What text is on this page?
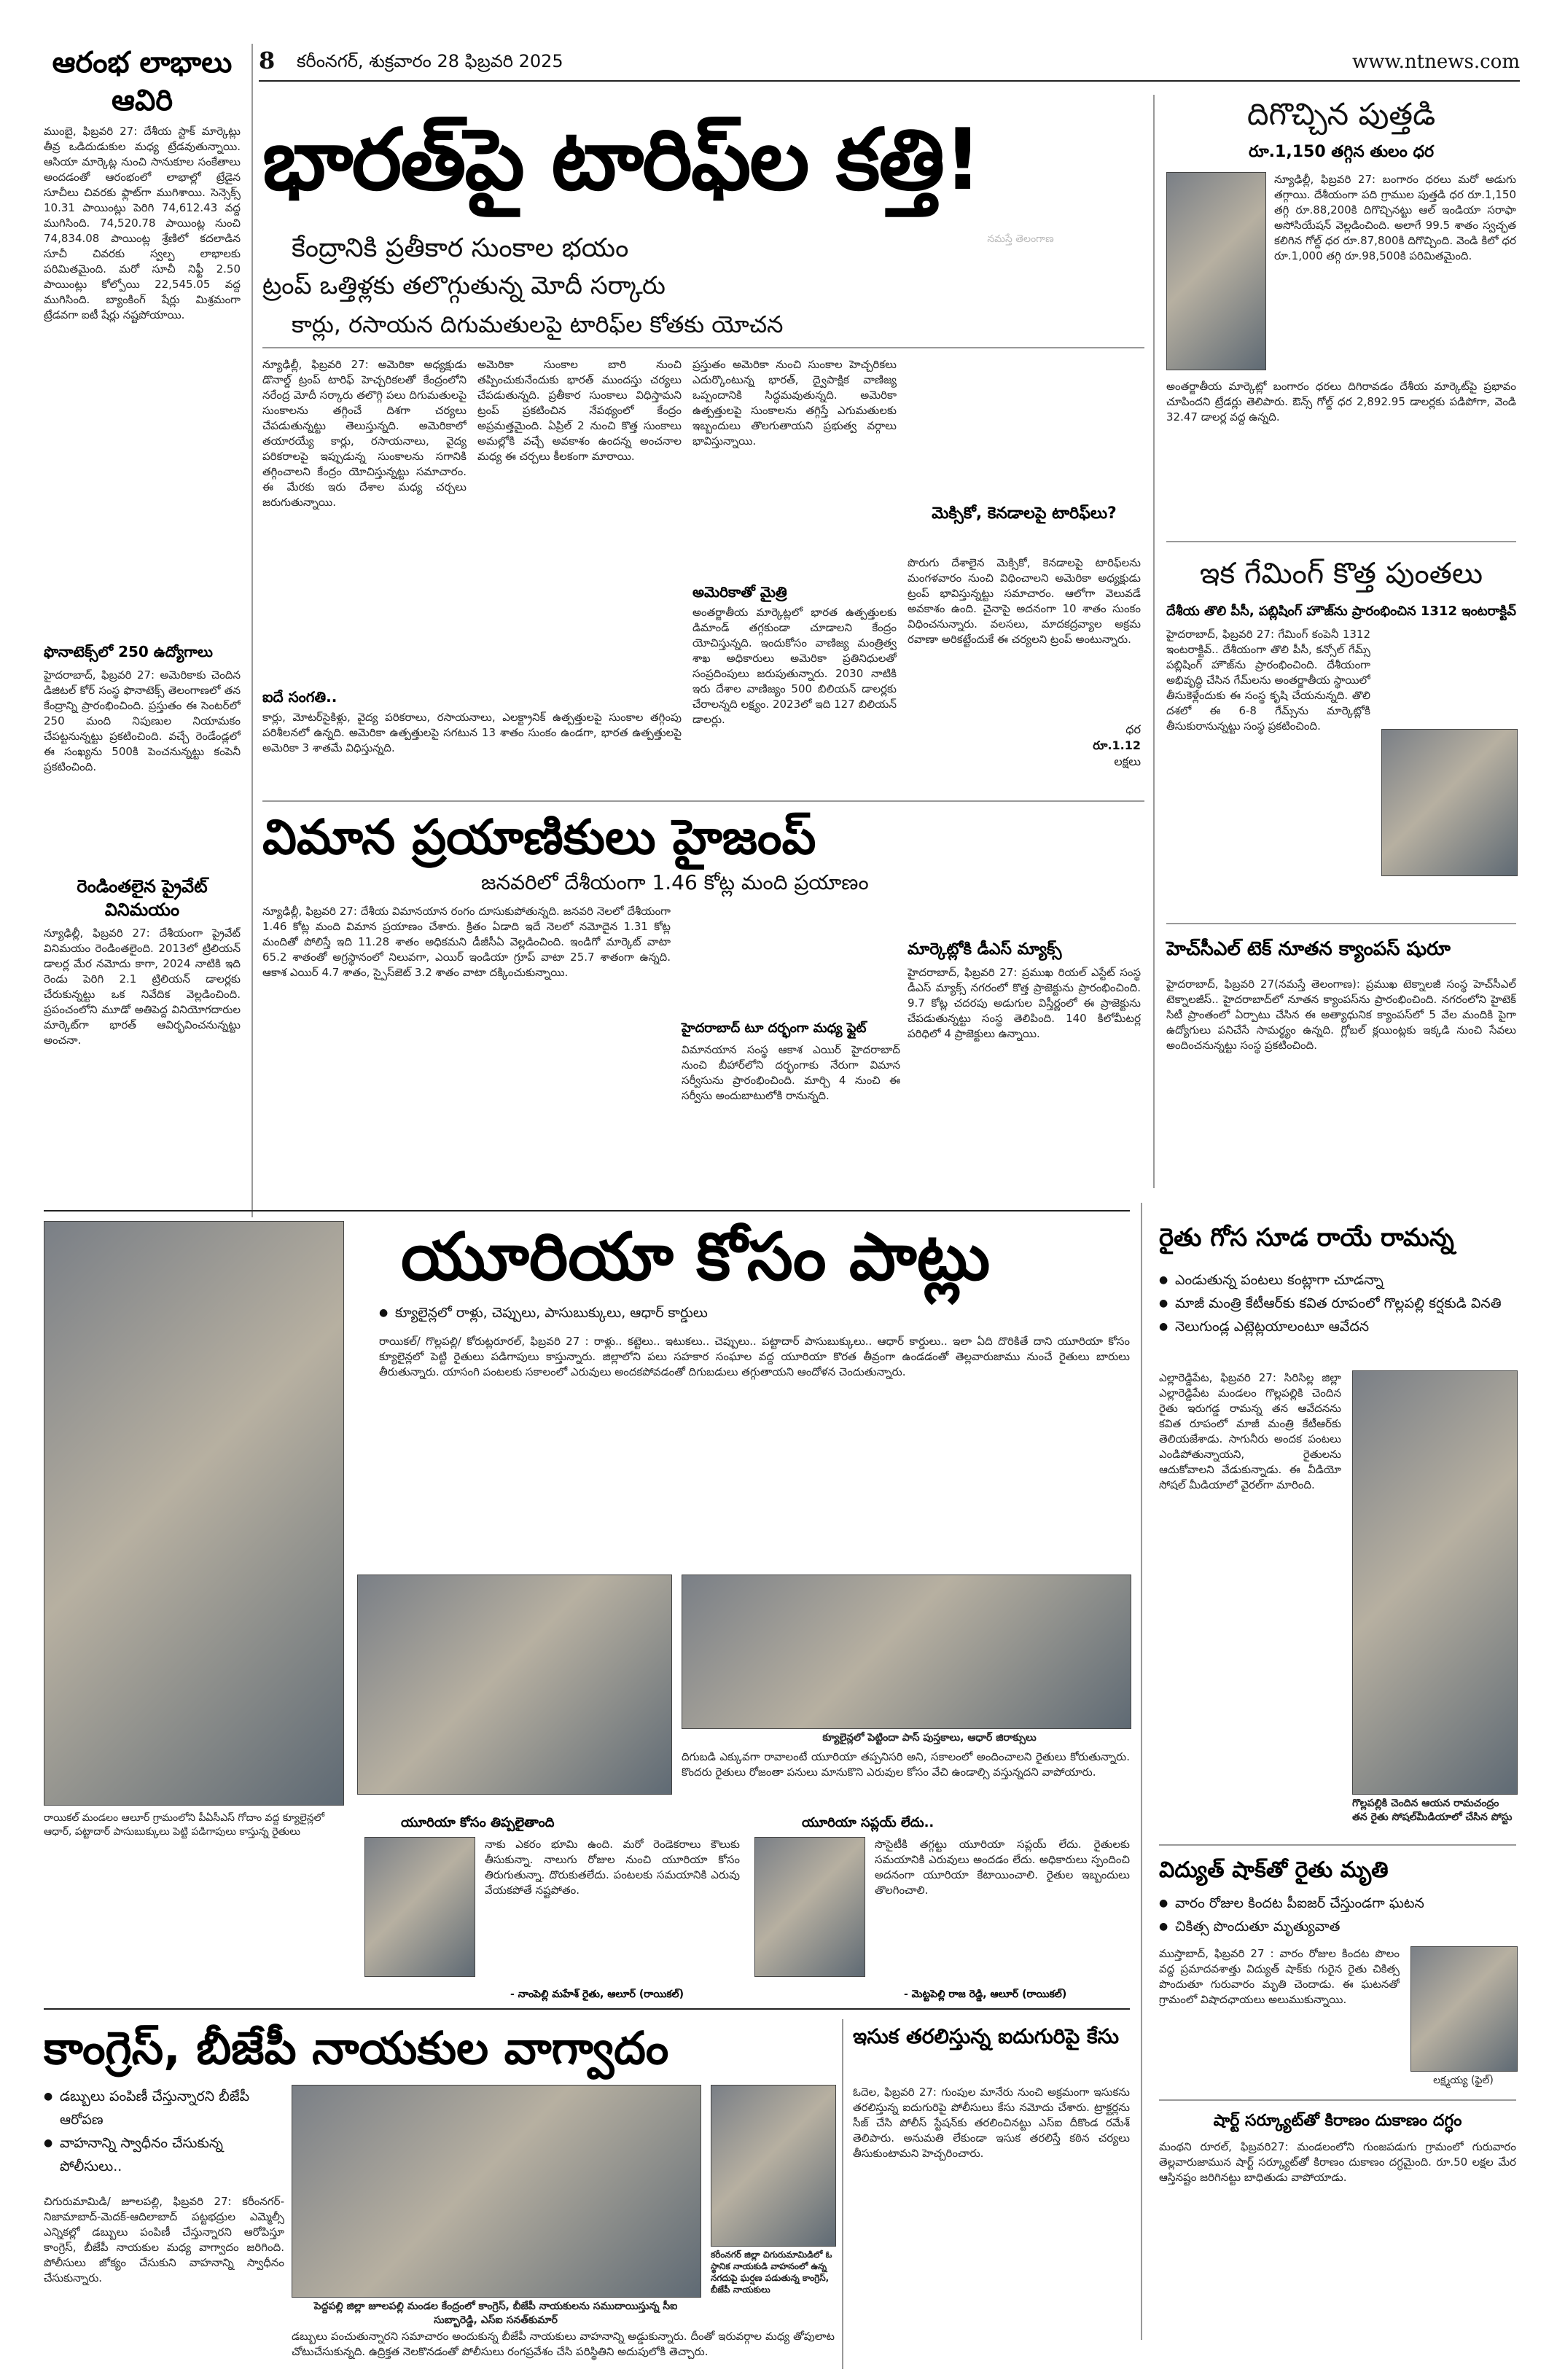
8 కరీంనగర్, శుక్రవారం 28 ఫిబ్రవరి 2025	www.ntnews.com
ఆరంభ లాభాలు ఆవిరి
ముంబై, ఫిబ్రవరి 27: దేశీయ స్టాక్ మార్కెట్లు తీవ్ర ఒడిదుడుకుల మధ్య ట్రేడవుతున్నాయి. ఆసియా మార్కెట్ల నుంచి సానుకూల సంకేతాలు అందడంతో ఆరంభంలో లాభాల్లో ట్రేడైన సూచీలు చివరకు ఫ్లాట్‌గా ముగిశాయి. సెన్సెక్స్ 10.31 పాయింట్లు పెరిగి 74,612.43 వద్ద ముగిసింది. 74,520.78 పాయింట్ల నుంచి 74,834.08 పాయింట్ల శ్రేణిలో కదలాడిన సూచీ చివరకు స్వల్ప లాభాలకు పరిమితమైంది. మరో సూచీ నిఫ్టీ 2.50 పాయింట్లు కోల్పోయి 22,545.05 వద్ద ముగిసింది. బ్యాంకింగ్ షేర్లు మిశ్రమంగా ట్రేడవగా ఐటీ షేర్లు నష్టపోయాయి.
ఫొనాటెక్స్‌లో 250 ఉద్యోగాలు
హైదరాబాద్, ఫిబ్రవరి 27: అమెరికాకు చెందిన డిజిటల్ కోర్ సంస్థ ఫొనాటెక్స్ తెలంగాణలో తన కేంద్రాన్ని ప్రారంభించింది. ప్రస్తుతం ఈ సెంటర్‌లో 250 మంది నిపుణుల నియామకం చేపట్టనున్నట్టు ప్రకటించింది. వచ్చే రెండేండ్లలో ఈ సంఖ్యను 500కి పెంచనున్నట్టు కంపెనీ ప్రకటించింది.
రెండింతలైన ప్రైవేట్ వినిమయం
న్యూఢిల్లీ, ఫిబ్రవరి 27: దేశీయంగా ప్రైవేట్ వినిమయం రెండింతలైంది. 2013లో ట్రిలియన్ డాలర్ల మేర నమోదు కాగా, 2024 నాటికి ఇది రెండు పెరిగి 2.1 ట్రిలియన్ డాలర్లకు చేరుకున్నట్టు ఒక నివేదిక వెల్లడించింది. ప్రపంచంలోని మూడో అతిపెద్ద వినియోగదారుల మార్కెట్‌గా భారత్ ఆవిర్భవించనున్నట్టు అంచనా.
భారత్‌పై టారిఫ్‌ల కత్తి!
నమస్తే తెలంగాణ
కేంద్రానికి ప్రతీకార సుంకాల భయం
ట్రంప్ ఒత్తిళ్లకు తలొగ్గుతున్న మోదీ సర్కారు
కార్లు, రసాయన దిగుమతులపై టారిఫ్‌ల కోతకు యోచన
న్యూఢిల్లీ, ఫిబ్రవరి 27: అమెరికా అధ్యక్షుడు డొనాల్డ్ ట్రంప్ టారిఫ్ హెచ్చరికలతో కేంద్రంలోని నరేంద్ర మోదీ సర్కారు తలొగ్గి పలు దిగుమతులపై సుంకాలను తగ్గించే దిశగా చర్యలు చేపడుతున్నట్టు తెలుస్తున్నది. అమెరికాలో తయారయ్యే కార్లు, రసాయనాలు, వైద్య పరికరాలపై ఇప్పుడున్న సుంకాలను సగానికి తగ్గించాలని కేంద్రం యోచిస్తున్నట్టు సమాచారం. ఈ మేరకు ఇరు దేశాల మధ్య చర్చలు జరుగుతున్నాయి.
అమెరికా సుంకాల బారి నుంచి తప్పించుకునేందుకు భారత్ ముందస్తు చర్యలు చేపడుతున్నది. ప్రతీకార సుంకాలు విధిస్తామని ట్రంప్ ప్రకటించిన నేపథ్యంలో కేంద్రం అప్రమత్తమైంది. ఏప్రిల్ 2 నుంచి కొత్త సుంకాలు అమల్లోకి వచ్చే అవకాశం ఉందన్న అంచనాల మధ్య ఈ చర్చలు కీలకంగా మారాయి.
ప్రస్తుతం అమెరికా నుంచి సుంకాల హెచ్చరికలు ఎదుర్కొంటున్న భారత్, ద్వైపాక్షిక వాణిజ్య ఒప్పందానికి సిద్ధమవుతున్నది. అమెరికా ఉత్పత్తులపై సుంకాలను తగ్గిస్తే ఎగుమతులకు ఇబ్బందులు తొలగుతాయని ప్రభుత్వ వర్గాలు భావిస్తున్నాయి.
అమెరికాతో మైత్రి
అంతర్జాతీయ మార్కెట్లలో భారత ఉత్పత్తులకు డిమాండ్ తగ్గకుండా చూడాలని కేంద్రం యోచిస్తున్నది. ఇందుకోసం వాణిజ్య మంత్రిత్వ శాఖ అధికారులు అమెరికా ప్రతినిధులతో సంప్రదింపులు జరుపుతున్నారు. 2030 నాటికి ఇరు దేశాల వాణిజ్యం 500 బిలియన్ డాలర్లకు చేరాలన్నది లక్ష్యం. 2023లో ఇది 127 బిలియన్ డాలర్లు.
ఐదే సంగతి..
కార్లు, మోటర్‌సైకిళ్లు, వైద్య పరికరాలు, రసాయనాలు, ఎలక్ట్రానిక్ ఉత్పత్తులపై సుంకాల తగ్గింపు పరిశీలనలో ఉన్నది. అమెరికా ఉత్పత్తులపై సగటున 13 శాతం సుంకం ఉండగా, భారత ఉత్పత్తులపై అమెరికా 3 శాతమే విధిస్తున్నది.
మెక్సికో, కెనడాలపై టారిఫ్‌లు?
పొరుగు దేశాలైన మెక్సికో, కెనడాలపై టారిఫ్‌లను మంగళవారం నుంచి విధించాలని అమెరికా అధ్యక్షుడు ట్రంప్ భావిస్తున్నట్టు సమాచారం. ఆలోగా వెలువడే అవకాశం ఉంది. చైనాపై అదనంగా 10 శాతం సుంకం విధించనున్నారు. వలసలు, మాదకద్రవ్యాల అక్రమ రవాణా అరికట్టేందుకే ఈ చర్యలని ట్రంప్ అంటున్నారు.
ధర
రూ.1.12
లక్షలు
దిగొచ్చిన పుత్తడి
రూ.1,150 తగ్గిన తులం ధర
న్యూఢిల్లీ, ఫిబ్రవరి 27: బంగారం ధరలు మరో అడుగు తగ్గాయి. దేశీయంగా పది గ్రాముల పుత్తడి ధర రూ.1,150 తగ్గి రూ.88,200కి దిగొచ్చినట్టు ఆల్ ఇండియా సరాఫా అసోసియేషన్ వెల్లడించింది. అలాగే 99.5 శాతం స్వచ్ఛత కలిగిన గోల్డ్ ధర రూ.87,800కి దిగొచ్చింది. వెండి కిలో ధర రూ.1,000 తగ్గి రూ.98,500కి పరిమితమైంది.
అంతర్జాతీయ మార్కెట్లో బంగారం ధరలు దిగిరావడం దేశీయ మార్కెట్‌పై ప్రభావం చూపిందని ట్రేడర్లు తెలిపారు. ఔన్స్ గోల్డ్ ధర 2,892.95 డాలర్లకు పడిపోగా, వెండి 32.47 డాలర్ల వద్ద ఉన్నది.
ఇక గేమింగ్ కొత్త పుంతలు
దేశీయ తొలి పీసీ, పబ్లిషింగ్ హౌజ్‌ను ప్రారంభించిన 1312 ఇంటరాక్టివ్
హైదరాబాద్, ఫిబ్రవరి 27: గేమింగ్ కంపెనీ 1312 ఇంటరాక్టివ్.. దేశీయంగా తొలి పీసీ, కన్సోల్ గేమ్స్ పబ్లిషింగ్ హౌజ్‌ను ప్రారంభించింది. దేశీయంగా అభివృద్ధి చేసిన గేమ్‌లను అంతర్జాతీయ స్థాయిలో తీసుకెళ్లేందుకు ఈ సంస్థ కృషి చేయనున్నది. తొలి దశలో ఈ 6-8 గేమ్స్‌ను మార్కెట్లోకి తీసుకురానున్నట్టు సంస్థ ప్రకటించింది.
హెచ్‌సీఎల్ టెక్ నూతన క్యాంపస్ షురూ
హైదరాబాద్, ఫిబ్రవరి 27(నమస్తే తెలంగాణ): ప్రముఖ టెక్నాలజీ సంస్థ హెచ్‌సీఎల్ టెక్నాలజీస్.. హైదరాబాద్‌లో నూతన క్యాంపస్‌ను ప్రారంభించింది. నగరంలోని హైటెక్ సిటీ ప్రాంతంలో ఏర్పాటు చేసిన ఈ అత్యాధునిక క్యాంపస్‌లో 5 వేల మందికి పైగా ఉద్యోగులు పనిచేసే సామర్థ్యం ఉన్నది. గ్లోబల్ క్లయింట్లకు ఇక్కడి నుంచి సేవలు అందించనున్నట్టు సంస్థ ప్రకటించింది.
విమాన ప్రయాణికులు హైజంప్
జనవరిలో దేశీయంగా 1.46 కోట్ల మంది ప్రయాణం
న్యూఢిల్లీ, ఫిబ్రవరి 27: దేశీయ విమానయాన రంగం దూసుకుపోతున్నది. జనవరి నెలలో దేశీయంగా 1.46 కోట్ల మంది విమాన ప్రయాణం చేశారు. క్రితం ఏడాది ఇదే నెలలో నమోదైన 1.31 కోట్ల మందితో పోలిస్తే ఇది 11.28 శాతం అధికమని డీజీసీఏ వెల్లడించింది. ఇండిగో మార్కెట్ వాటా 65.2 శాతంతో అగ్రస్థానంలో నిలువగా, ఎయిర్ ఇండియా గ్రూప్ వాటా 25.7 శాతంగా ఉన్నది. ఆకాశ ఎయిర్ 4.7 శాతం, స్పైస్‌జెట్ 3.2 శాతం వాటా దక్కించుకున్నాయి.
మార్కెట్లోకి డీఎస్ మ్యాక్స్
హైదరాబాద్, ఫిబ్రవరి 27: ప్రముఖ రియల్ ఎస్టేట్ సంస్థ డీఎస్ మ్యాక్స్ నగరంలో కొత్త ప్రాజెక్టును ప్రారంభించింది. 9.7 కోట్ల చదరపు అడుగుల విస్తీర్ణంలో ఈ ప్రాజెక్టును చేపడుతున్నట్టు సంస్థ తెలిపింది. 140 కిలోమీటర్ల పరిధిలో 4 ప్రాజెక్టులు ఉన్నాయి.
హైదరాబాద్ టూ దర్భంగా మధ్య ఫ్లైట్
విమానయాన సంస్థ ఆకాశ ఎయిర్ హైదరాబాద్ నుంచి బీహార్‌లోని దర్భంగాకు నేరుగా విమాన సర్వీసును ప్రారంభించింది. మార్చి 4 నుంచి ఈ సర్వీసు అందుబాటులోకి రానున్నది.
రాయికల్ మండలం ఆలూర్ గ్రామంలోని పీఏసీఎస్ గోదాం వద్ద క్యూలైన్లలో ఆధార్, పట్టాదార్ పాసుబుక్కులు పెట్టి పడిగాపులు కాస్తున్న రైతులు
యూరియా కోసం పాట్లు
● క్యూలైన్లలో రాళ్లు, చెప్పులు, పాసుబుక్కులు, ఆధార్ కార్డులు
రాయికల్/ గొల్లపల్లి/ కోరుట్లరూరల్, ఫిబ్రవరి 27 : రాళ్లు.. కట్టెలు.. ఇటుకలు.. చెప్పులు.. పట్టాదార్ పాసుబుక్కులు.. ఆధార్ కార్డులు.. ఇలా ఏది దొరికితే దాని యూరియా కోసం క్యూలైన్లలో పెట్టి రైతులు పడిగాపులు కాస్తున్నారు. జిల్లాలోని పలు సహకార సంఘాల వద్ద యూరియా కొరత తీవ్రంగా ఉండడంతో తెల్లవారుజాము నుంచే రైతులు బారులు తీరుతున్నారు. యాసంగి పంటలకు సకాలంలో ఎరువులు అందకపోవడంతో దిగుబడులు తగ్గుతాయని ఆందోళన చెందుతున్నారు.
క్యూలైన్లలో పెట్టిందా పాస్ పుస్తకాలు, ఆధార్ జిరాక్సులు
దిగుబడి ఎక్కువగా రావాలంటే యూరియా తప్పనిసరి అని, సకాలంలో అందించాలని రైతులు కోరుతున్నారు. కొందరు రైతులు రోజంతా పనులు మానుకొని ఎరువుల కోసం వేచి ఉండాల్సి వస్తున్నదని వాపోయారు.
యూరియా కోసం తిప్పలైతాంది
నాకు ఎకరం భూమి ఉంది. మరో రెండెకరాలు కౌలుకు తీసుకున్నా. నాలుగు రోజుల నుంచి యూరియా కోసం తిరుగుతున్నా. దొరుకుతలేదు. పంటలకు సమయానికి ఎరువు వేయకపోతే నష్టపోతం.
- నాంపెల్లి మహేశ్ రైతు, ఆలూర్ (రాయికల్)
యూరియా సప్లయ్ లేదు..
సొసైటీకి తగ్గట్టు యూరియా సప్లయ్ లేదు. రైతులకు సమయానికి ఎరువులు అందడం లేదు. అధికారులు స్పందించి అదనంగా యూరియా కేటాయించాలి. రైతుల ఇబ్బందులు తొలగించాలి.
- మెట్టపెల్లి రాజ రెడ్డి, ఆలూర్ (రాయికల్)
రైతు గోస సూడ రాయే రామన్న
● ఎండుతున్న పంటలు కంట్లాగా చూడన్నా
● మాజీ మంత్రి కేటీఆర్‌కు కవిత రూపంలో గొల్లపల్లి కర్షకుడి వినతి
● నెలుగుండ్ల ఎట్లెట్లయాలంటూ ఆవేదన
ఎల్లారెడ్డిపేట, ఫిబ్రవరి 27: సిరిసిల్ల జిల్లా ఎల్లారెడ్డిపేట మండలం గొల్లపల్లికి చెందిన రైతు ఇరుగడ్డ రామన్న తన ఆవేదనను కవిత రూపంలో మాజీ మంత్రి కేటీఆర్‌కు తెలియజేశాడు. సాగునీరు అందక పంటలు ఎండిపోతున్నాయని, రైతులను ఆదుకోవాలని వేడుకున్నాడు. ఈ వీడియో సోషల్ మీడియాలో వైరల్‌గా మారింది.
గొల్లపల్లికి చెందిన ఆయన రామచంద్రం తన రైతు సోషల్‌మీడియాలో చేసిన పోస్టు
విద్యుత్ షాక్‌తో రైతు మృతి
● వారం రోజుల కిందట పీఐజర్ చేస్తుండగా ఘటన
● చికిత్స పొందుతూ మృత్యువాత
ముస్తాబాద్, ఫిబ్రవరి 27 : వారం రోజుల కిందట పొలం వద్ద ప్రమాదవశాత్తు విద్యుత్ షాక్‌కు గురైన రైతు చికిత్స పొందుతూ గురువారం మృతి చెందాడు. ఈ ఘటనతో గ్రామంలో విషాదఛాయలు అలుముకున్నాయి.
లక్ష్మయ్య (ఫైల్)
షార్ట్ సర్క్యూట్‌తో కిరాణం దుకాణం దగ్ధం
మంథని రూరల్, ఫిబ్రవరి27: మండలంలోని గుంజపడుగు గ్రామంలో గురువారం తెల్లవారుజామున షార్ట్ సర్క్యూట్‌తో కిరాణం దుకాణం దగ్ధమైంది. రూ.50 లక్షల మేర ఆస్తినష్టం జరిగినట్టు బాధితుడు వాపోయాడు.
కాంగ్రెస్, బీజేపీ నాయకుల వాగ్వాదం
● డబ్బులు పంపిణీ చేస్తున్నారని బీజేపీ ఆరోపణ
● వాహనాన్ని స్వాధీనం చేసుకున్న పోలీసులు..
చిగురుమామిడి/ జూలపల్లి, ఫిబ్రవరి 27: కరీంనగర్-నిజామాబాద్-మెదక్-ఆదిలాబాద్ పట్టభద్రుల ఎమ్మెల్సీ ఎన్నికల్లో డబ్బులు పంపిణీ చేస్తున్నారని ఆరోపిస్తూ కాంగ్రెస్, బీజేపీ నాయకుల మధ్య వాగ్వాదం జరిగింది. పోలీసులు జోక్యం చేసుకుని వాహనాన్ని స్వాధీనం చేసుకున్నారు.
పెద్దపల్లి జిల్లా జూలపల్లి మండల కేంద్రంలో కాంగ్రెస్, బీజేపీ నాయకులను సముదాయిస్తున్న సీఐ సుబ్బారెడ్డి, ఎస్‌ఐ సనత్‌కుమార్
కరీంనగర్ జిల్లా చిగురుమామిడిలో ఓ స్థానిక నాయకుడి వాహనంలో ఉన్న నగదుపై ఘర్షణ పడుతున్న కాంగ్రెస్, బీజేపీ నాయకులు
డబ్బులు పంచుతున్నారని సమాచారం అందుకున్న బీజేపీ నాయకులు వాహనాన్ని అడ్డుకున్నారు. దీంతో ఇరువర్గాల మధ్య తోపులాట చోటుచేసుకున్నది. ఉద్రిక్తత నెలకొనడంతో పోలీసులు రంగప్రవేశం చేసి పరిస్థితిని అదుపులోకి తెచ్చారు.
ఇసుక తరలిస్తున్న ఐదుగురిపై కేసు
ఓదెల, ఫిబ్రవరి 27: గుంపుల మానేరు నుంచి అక్రమంగా ఇసుకను తరలిస్తున్న ఐదుగురిపై పోలీసులు కేసు నమోదు చేశారు. ట్రాక్టర్లను సీజ్ చేసి పోలీస్ స్టేషన్‌కు తరలించినట్టు ఎస్‌ఐ దీకొండ రమేశ్ తెలిపారు. అనుమతి లేకుండా ఇసుక తరలిస్తే కఠిన చర్యలు తీసుకుంటామని హెచ్చరించారు.
